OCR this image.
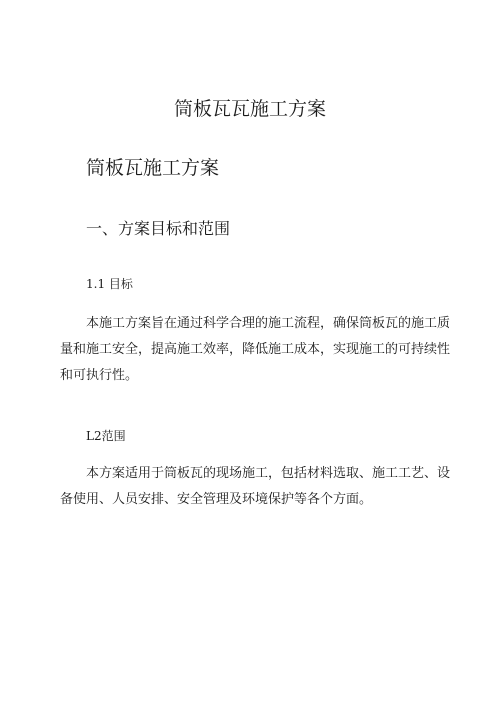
筒板瓦瓦施工方案
筒板瓦施工方案
一、方案目标和范围
1.1 目标

本施工方案旨在通过科学合理的施工流程，确保筒板瓦的施工质
量和施工安全，提高施工效率，降低施工成本，实现施工的可持续性
和可执行性。

L2范围

本方案适用于筒板瓦的现场施工，包括材料选取、施工工艺、设
备使用、人员安排、安全管理及环境保护等各个方面。
